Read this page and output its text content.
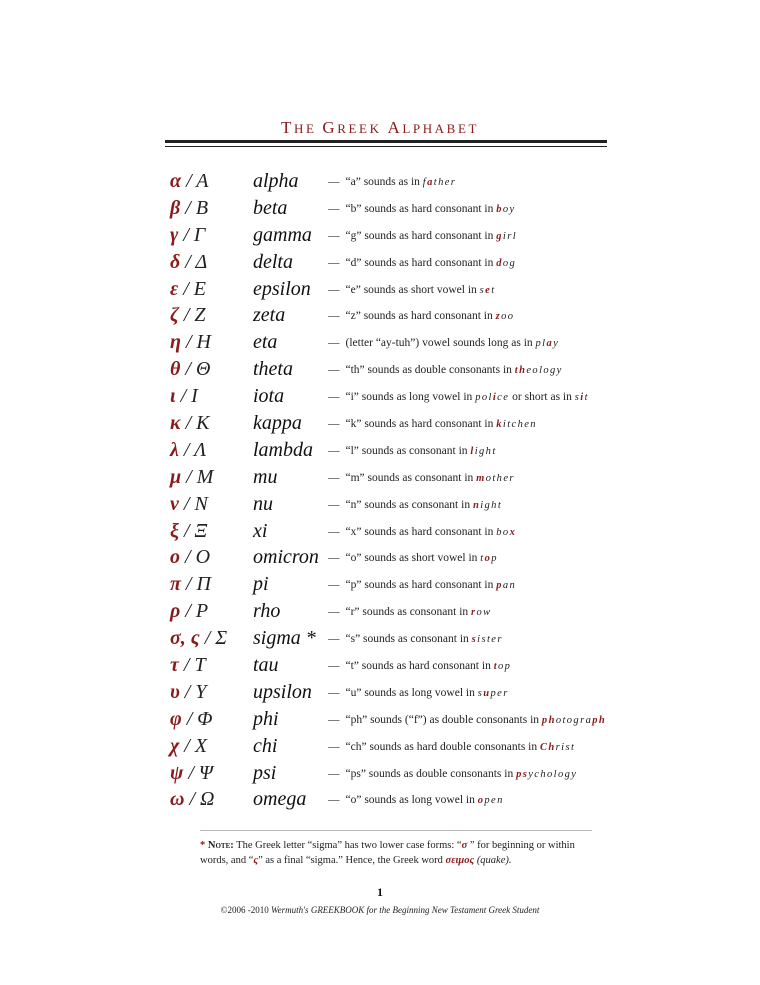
THE GREEK ALPHABET
α / Α alpha	— “a” sounds as in father
β / Β beta	— “b” sounds as hard consonant in boy
γ / Γ gamma — “g” sounds as hard consonant in girl
δ / Δ delta	— “d” sounds as hard consonant in dog
ε / Ε epsilon — “e” sounds as short vowel in set
ζ / Ζ zeta	— “z” sounds as hard consonant in zoo
η / Η eta	— (letter “ay-tuh”) vowel sounds long as in play
θ / Θ theta	— “th” sounds as double consonants in theology
ι / Ι	iota	— “i” sounds as long vowel in police or short as in sit
κ / Κ kappa — “k” sounds as hard consonant in kitchen
λ / Λ lambda — “l” sounds as consonant in light
μ / Μ mu	— “m” sounds as consonant in mother
ν / Ν nu	— “n” sounds as consonant in night
ξ / Ξ xi	— “x” sounds as hard consonant in box
ο / Ο omicron — “o” sounds as short vowel in top
π / Π pi	— “p” sounds as hard consonant in pan
ρ / Ρ rho	— “r” sounds as consonant in row
σ, ς / Σ sigma * — “s” sounds as consonant in sister
τ / Τ tau	— “t” sounds as hard consonant in top
υ / Υ upsilon — “u” sounds as long vowel in super
φ / Φ phi	— “ph” sounds (“f”) as double consonants in photograph
χ / Χ chi	— “ch” sounds as hard double consonants in Christ
ψ / Ψ psi	— “ps” sounds as double consonants in psychology
ω / Ω omega — “o” sounds as long vowel in open
* Note: The Greek letter “sigma” has two lower case forms: “σ ” for beginning or within words, and “ς” as a final “sigma.” Hence, the Greek word σειμος (quake).
1
©2006 -2010 Wermuth's GREEKBOOK for the Beginning New Testament Greek Student
